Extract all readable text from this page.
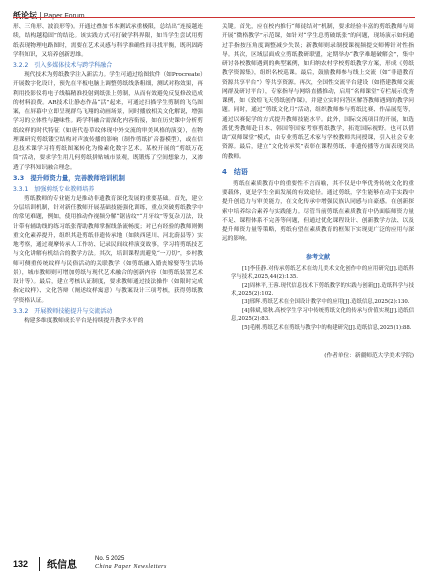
纸论坛 | Paper Forum

形、三角形、波浪形等)。开通过叠加书本测试承重极限，总结出“连接越连续，结构越稳固”的结论。该实践方式可打破学科界限，如当学生尝试用剪纸表现物理电路图时，需要在艺术灵感与科学准确性间寻找平衡，既巩固跨学科知识，又培养创新思维。

3.2.2　引入多媒体技术与跨学科融合

现代技术为剪纸教学注入新活力。学生可通过绘图软件（如Procreate）开展数字化设计，预先在平板电脑上调整剪纸线条粗细，测试对称效果，再利用投影仪将电子线稿精准投射到纸张上剪制，从而有效避免反复修改造成的材料浪费。AR技术让静态作品“活”起来，可通过扫描学生剪制的飞鸟图案，在屏幕中立即呈现群鸟飞翔的动画场景，同时播放相关文化解说，增强学习的立体性与趣味性。跨学科融合需深化内容衔接，如在历史课中分析剪纸纹样的时代特征（如唐代卷草纹体现中外交流的审美风格的演变），在物理课研究剪纸镂空结构对声波传播的影响（制作剪纸扩音器模型），或在信息技术课学习将剪纸图案转化为像素化数字艺术。某校开展的“剪纸万花筒”活动，要求学生用几何剪纸拼贴城市景观，既锻炼了空间想象力，又渗透了学科知识融合理念。

3.3　提升师资力量，完善教师培训机制
3.3.1　加强剪纸专业教师培养

剪纸教师的专业能力是推动非遗教育深化发展的重要基础。首先，建立分层培训机制，针对新任教师开展基础技能强化训练，重点突破剪纸教学中的常见难题，例如，使用推动作视频分解“锯齿纹”“月牙纹”等复杂刀法，设计带有辅助线的练习纸张帮助教师掌握线条流畅度；对已有经验的教师则侧重文化素养提升，组织其赴剪纸非遗传承地（如陕西延川、河北蔚县等）实地考察，通过观摩传承人工作坊、记录民间纹样演变故事，学习将剪纸技艺与文化讲解有机结合的教学方法。其次，培训课程需避免“一刀切”，乡村教师可侧重传统纹样与民俗活动的关联教学（如剪纸融入婚丧嫁娶等生活场景），城市教师则可增加剪纸与现代艺术融合的创新内容（如剪纸装置艺术设计等）。最后，建立考核认证制度，要求教师通过技法操作（如限时完成指定纹样）、文化答辩（阐述纹样寓意）与教案设计三项考核，获得剪纸教学资格认证。

3.3.2　开展教师技能提升与交流活动

构建多维度教师成长平台是持续提升教学水平的

关键。首先，应在校内推行“师徒结对”机制，要求经验丰富的剪纸教师与周开展“微格教学”示范课，如针对“学生总剪破纸张”的问题，现场演示如何通过手指按压角度调整减少失误；新教师则录制授课视频提交师傅针对性指导。其次，区域层面成立剪纸教研联盟，定期举办“教学难题破解会”，集中研讨各校教师遇到的典型案例，如归纳农村学校剪纸教学方案，形成《剪纸教学资源集》，组织名校巡课。最后，鼓励教师参与线上交流（如“非遗教育资源共享平台”）等共享资源。再次，全国性交流平台建设（如搭建教师交流网群及研讨平台），专家指导与网络直播推动，启用“名师课堂”专栏展示优秀课例，如《敦煌飞天剪纸创作课》，并建立实时问答区解答教师遇到的教学问题。同时，通过“剪纸文化月”活动，组织教师参与剪纸比赛、作品展览等，通过以赛促学的方式提升教师技能水平。此外，国际交流项目的开展，如选派优秀教师赴日本、韩国等国家考察剪纸教学，拓宽国际视野。也可以借助“双师课堂”模式，由专业剪纸艺术家与学校教师共同授课，引入社会专业资源。最后，建立“文化传承奖”表彰在课程剪纸、非遗传播等方面表现突出的教师。

4　结语

剪纸在素质教育中的重要性不言而喻，其不仅是中华优秀传统文化的重要载体，更是学生全面发展的有效途径。通过剪纸，学生能够在动手实践中提升创造力与审美能力，在文化传承中增强民族认同感与自豪感。在创新探索中培养综合素养与实践能力。尽管当前剪纸在素质教育中仍面临师资力量不足、课程体系不完善等问题，但通过优化课程设计、创新教学方法、以及提升师资力量等策略，剪纸有望在素质教育的框架下实现更广泛的应用与深远的影响。

参考文献

[1]李佳静.对传承剪纸艺术在幼儿美术文化创作中的应用研究[J].造纸科学与技术,2025,44(2):135.

[2]周林平,王蓉.现代信息技术下剪纸教学的实践与创新[J].造纸科学与技术,2025(2):102.

[3]邢辉.剪纸艺术在全国设计教学中的应用[J].造纸信息,2025(2):130.

[4]韩斌,梁秋.高校学生学习中传统剪纸文化的传承与价值实现[J].造纸信息,2025(2):83.

[5]毛刚.剪纸艺术在剪纸与教学中的构建研究[J].造纸信息,2025(1):88.

(作者单位：新疆师范大学美术学院)
132 纸信息
No. 5 2025
China Paper Newsletters
